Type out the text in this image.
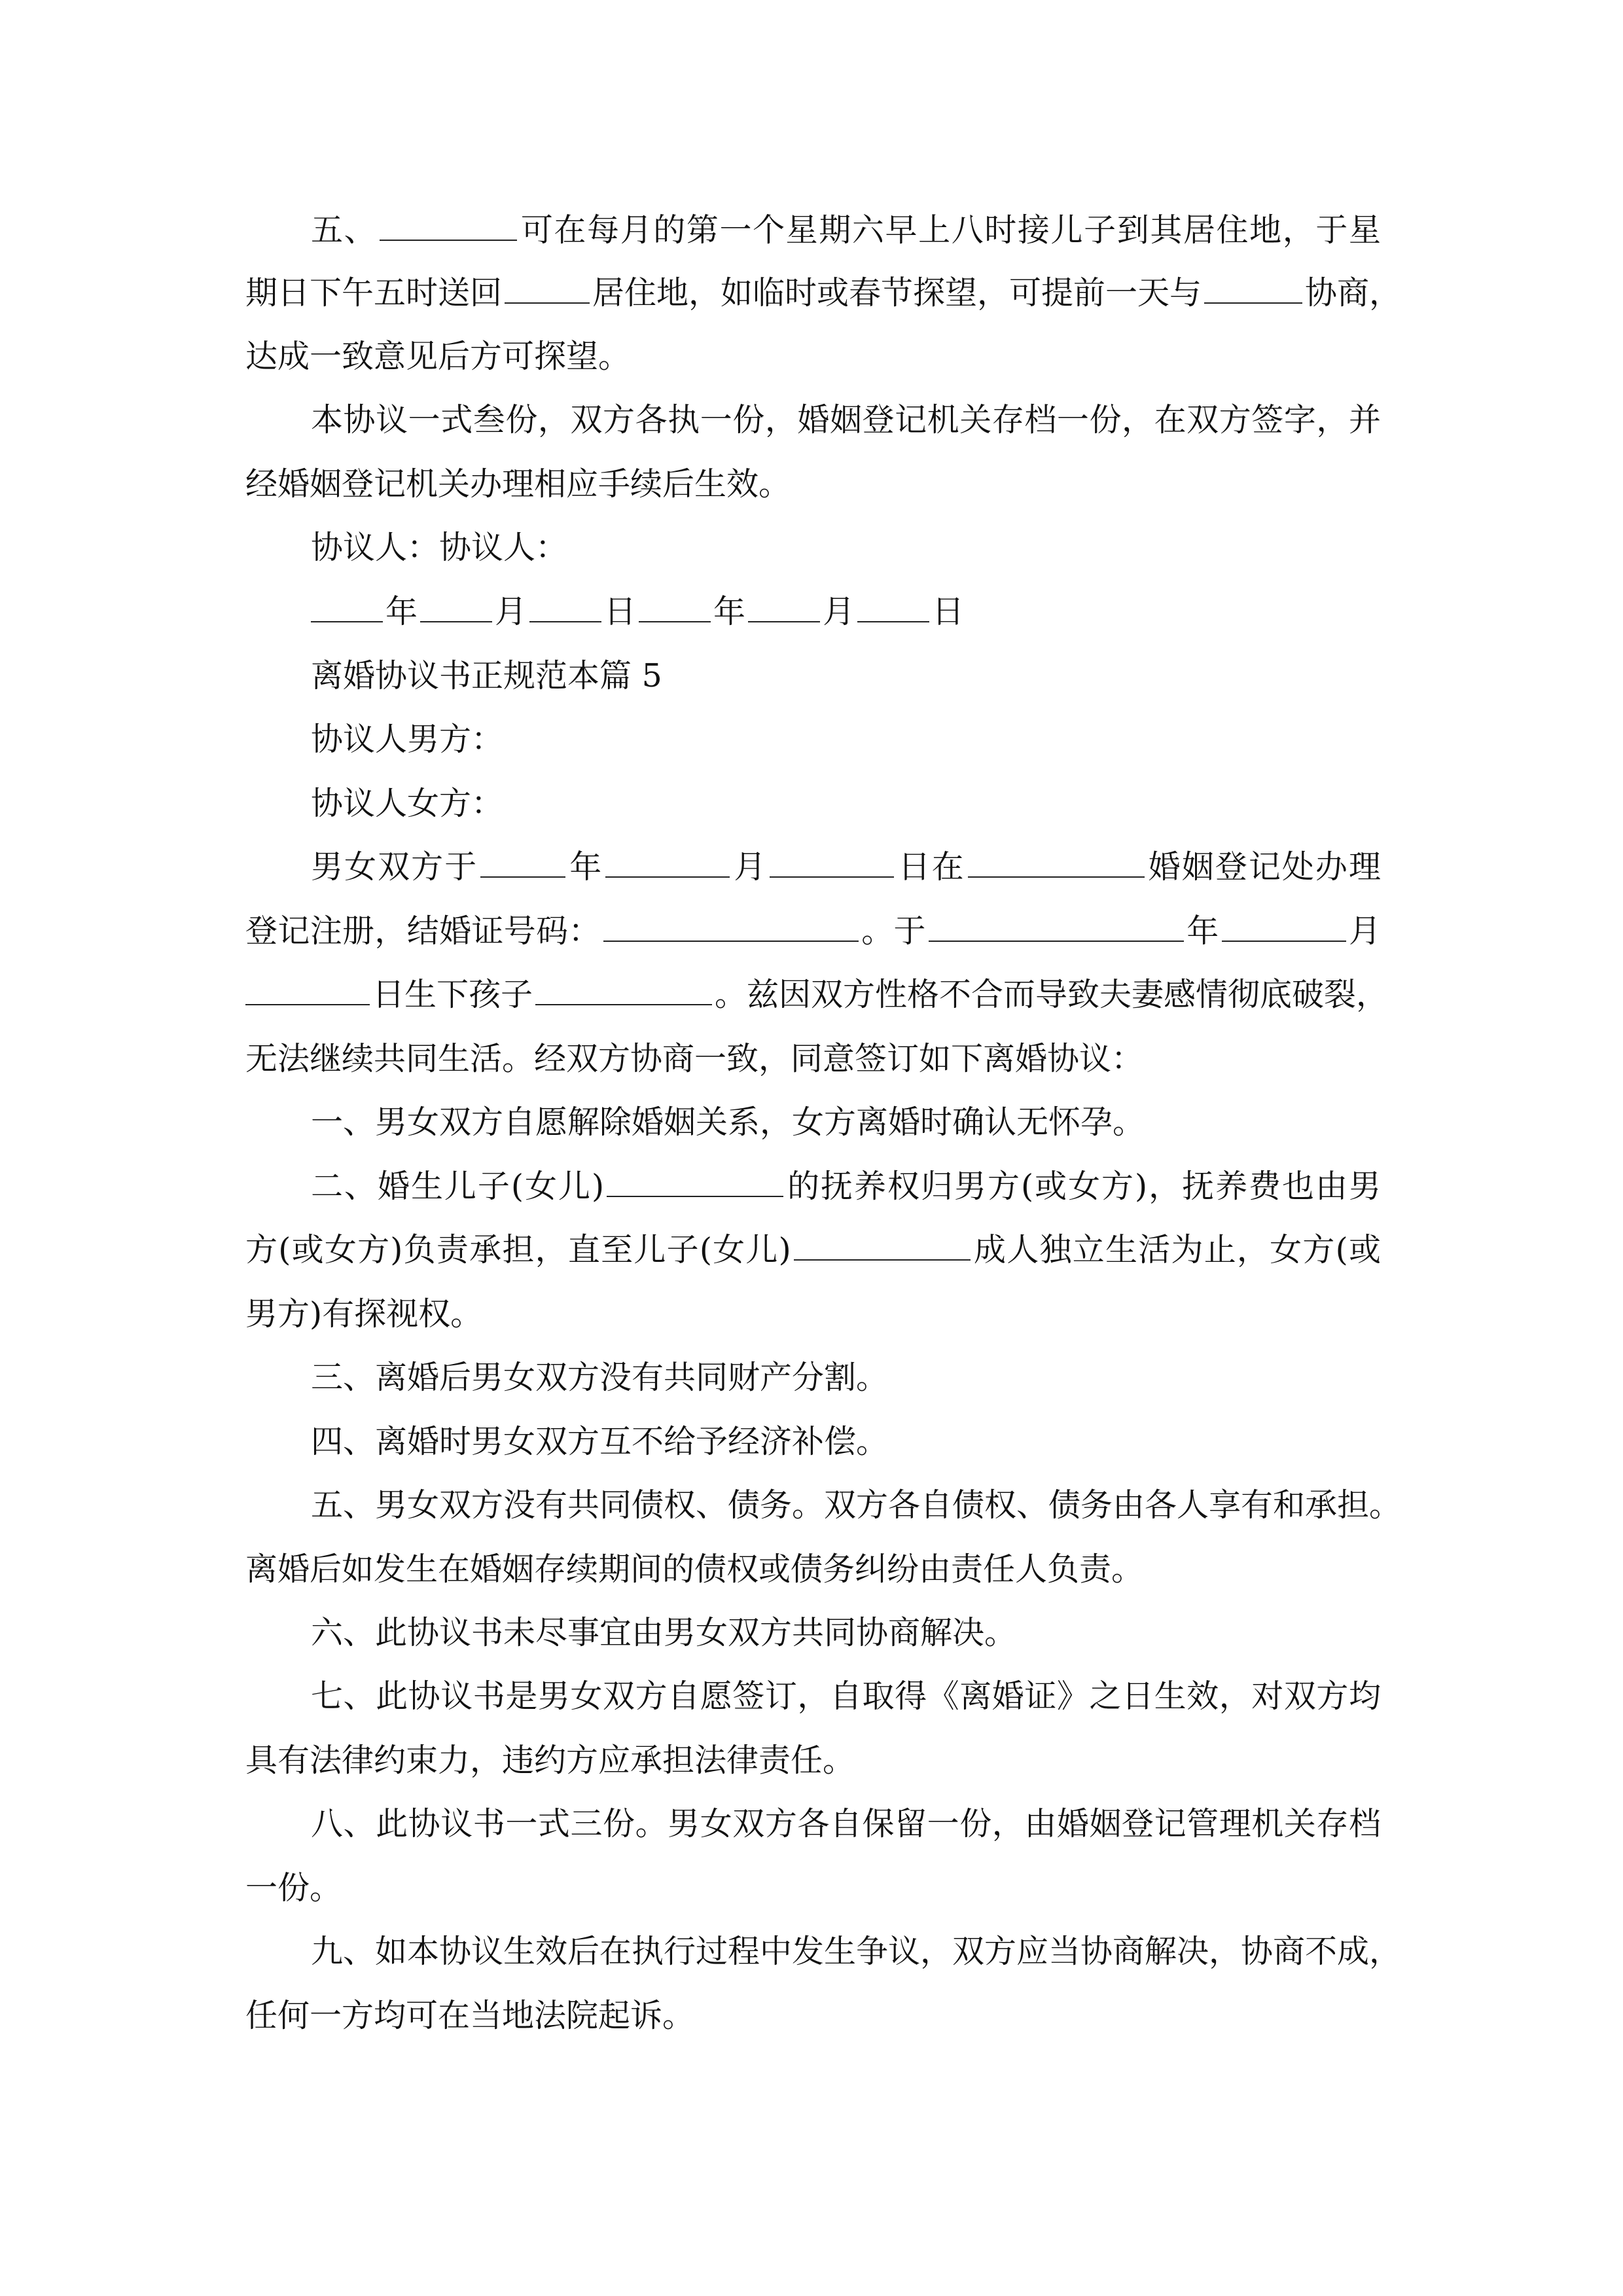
五、	可在每月的第一个星期六早上八时接儿子到其居住地，于星
期日下午五时送回	居住地，如临时或春节探望，可提前一天与	协商，
达成一致意见后方可探望。
本协议一式叁份，双方各执一份，婚姻登记机关存档一份，在双方签字，并
经婚姻登记机关办理相应手续后生效。
协议人：协议人：
年 月 日 年 月 日
离婚协议书正规范本篇 5
协议人男方：
协议人女方：
男女双方于	年	月	日在	婚姻登记处办理
登记注册，结婚证号码：	。于	年	月
日生下孩子	。兹因双方性格不合而导致夫妻感情彻底破裂，
无法继续共同生活。经双方协商一致，同意签订如下离婚协议：
一、男女双方自愿解除婚姻关系，女方离婚时确认无怀孕。
二、婚生儿子(女儿)	的抚养权归男方(或女方)，抚养费也由男
方(或女方)负责承担，直至儿子(女儿)	成人独立生活为止，女方(或
男方)有探视权。
三、离婚后男女双方没有共同财产分割。
四、离婚时男女双方互不给予经济补偿。
五、男女双方没有共同债权、债务。双方各自债权、债务由各人享有和承担。
离婚后如发生在婚姻存续期间的债权或债务纠纷由责任人负责。
六、此协议书未尽事宜由男女双方共同协商解决。
七、此协议书是男女双方自愿签订，自取得《离婚证》之日生效，对双方均
具有法律约束力，违约方应承担法律责任。
八、此协议书一式三份。男女双方各自保留一份，由婚姻登记管理机关存档
一份。
九、如本协议生效后在执行过程中发生争议，双方应当协商解决，协商不成，
任何一方均可在当地法院起诉。
